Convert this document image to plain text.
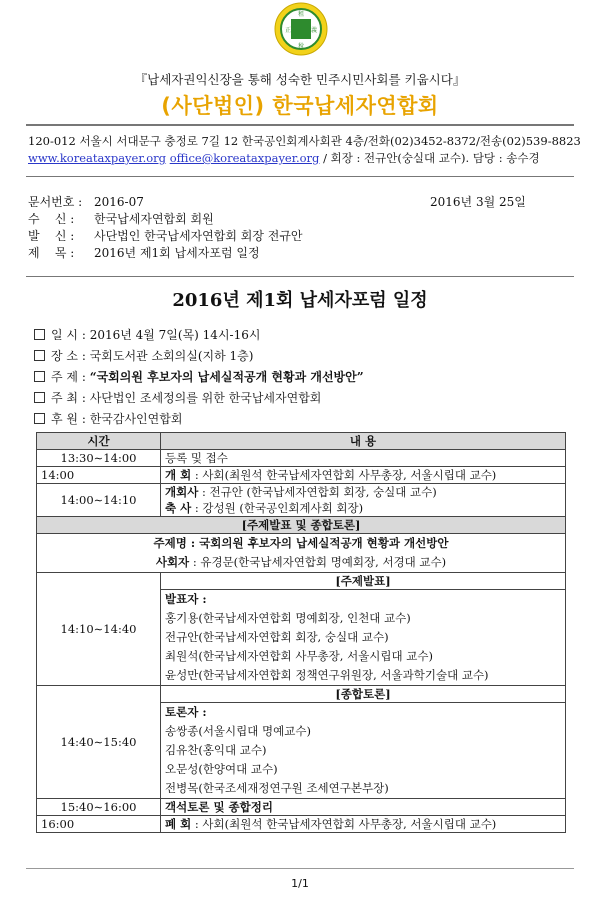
租
正	義
稅
『납세자권익신장을 통해 성숙한 민주시민사회를 키웁시다』
(사단법인) 한국납세자연합회
120-012 서울시 서대문구 충정로 7길 12 한국공인회계사회관 4층/전화(02)3452-8372/전송(02)539-8823
www.koreataxpayer.org office@koreataxpayer.org / 회장 : 전규안(숭실대 교수). 담당 : 송수경
문서번호 : 2016-07	2016년 3월 25일
수    신 : 한국납세자연합회 회원
발    신 : 사단법인 한국납세자연합회 회장 전규안
제    목 : 2016년 제1회 납세자포럼 일정
2016년 제1회 납세자포럼 일정
일 시 : 2016년 4월 7일(목) 14시-16시
장 소 : 국회도서관 소회의실(지하 1층)
주 제 : “국회의원 후보자의 납세실적공개 현황과 개선방안”
주 최 : 사단법인 조세정의를 위한 한국납세자연합회
후 원 : 한국감사인연합회
시간	내 용
13:30∼14:00	등록 및 접수
14:00	개 회 : 사회(최원석 한국납세자연합회 사무총장, 서울시립대 교수)
14:00∼14:10	개회사 : 전규안 (한국납세자연합회 회장, 숭실대 교수)
축 사 : 강성원 (한국공인회계사회 회장)

[주제발표 및 종합토론]	
주제명 : 국회의원 후보자의 납세실적공개 현황과 개선방안
사회자 : 유경문(한국납세자연합회 명예회장, 서경대 교수)	
14:10∼14:40	[주제발표]

	발표자 :
홍기용(한국납세자연합회 명예회장, 인천대 교수)
전규안(한국납세자연합회 회장, 숭실대 교수)
최원석(한국납세자연합회 사무총장, 서울시립대 교수)
윤성만(한국납세자연합회 정책연구위원장, 서울과학기술대 교수)

14:40∼15:40	[종합토론]

	토론자 :
송쌍종(서울시립대 명예교수)
김유찬(홍익대 교수)
오문성(한양여대 교수)
전병목(한국조세재정연구원 조세연구본부장)

15:40∼16:00	객석토론 및 종합정리
16:00	폐 회 : 사회(최원석 한국납세자연합회 사무총장, 서울시립대 교수)
1/1
